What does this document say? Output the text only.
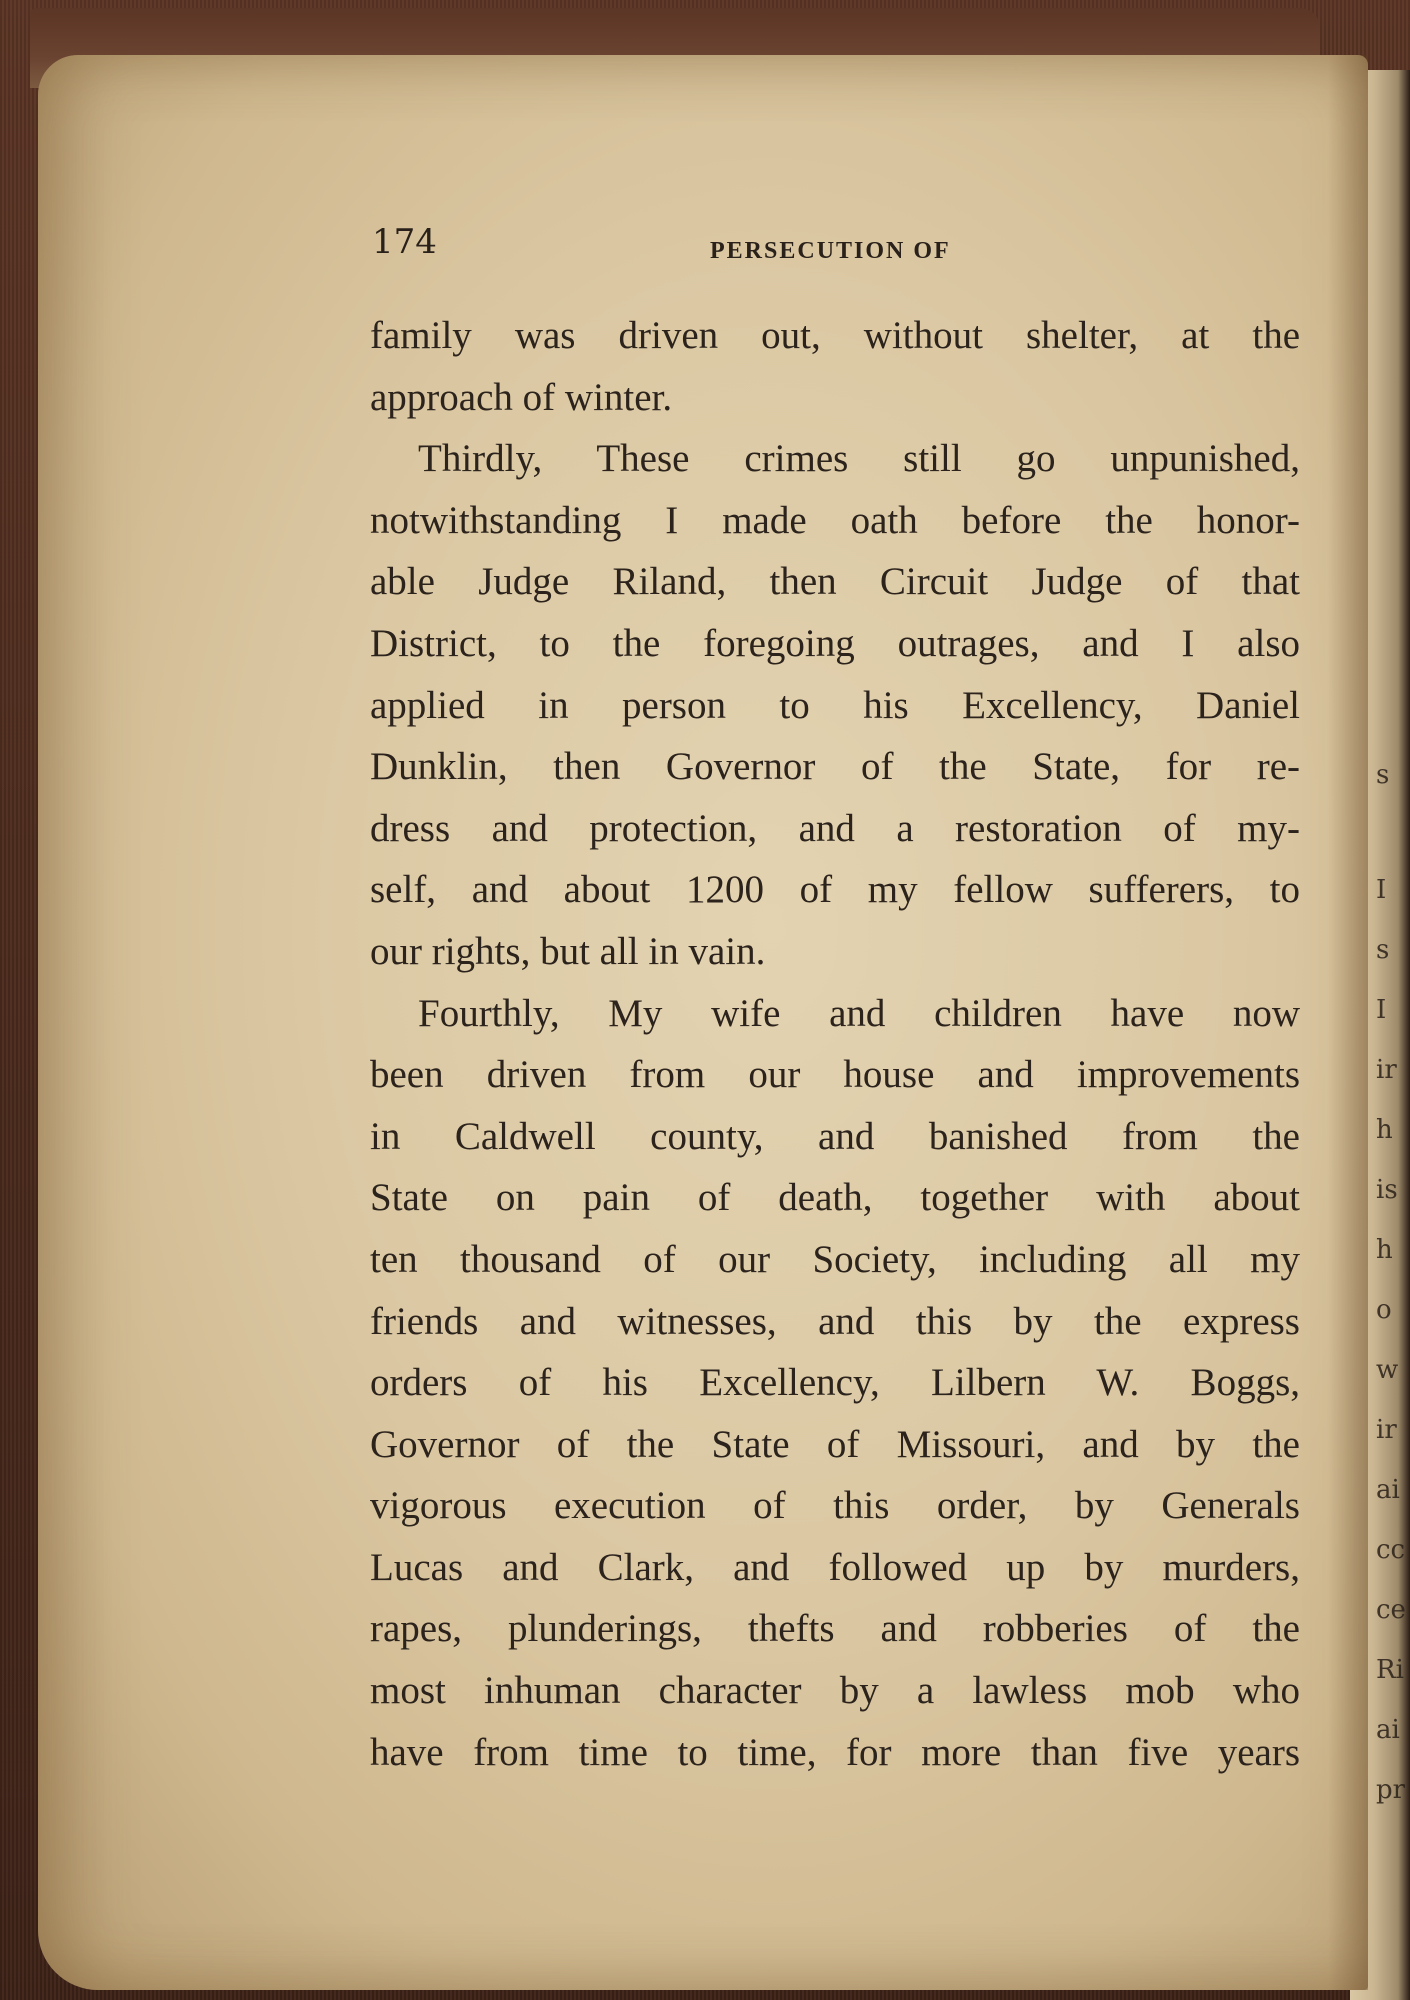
s
I
s
I
ir
h
is
h
o
w
ir
ai
cc
ce
Ri
ai
pr
174	PERSECUTION OF
family was driven out, without shelter, at the
approach of winter.
Thirdly, These crimes still go unpunished,
notwithstanding I made oath before the honor-
able Judge Riland, then Circuit Judge of that
District, to the foregoing outrages, and I also
applied in person to his Excellency, Daniel
Dunklin, then Governor of the State, for re-
dress and protection, and a restoration of my-
self, and about 1200 of my fellow sufferers, to
our rights, but all in vain.
Fourthly, My wife and children have now
been driven from our house and improvements
in Caldwell county, and banished from the
State on pain of death, together with about
ten thousand of our Society, including all my
friends and witnesses, and this by the express
orders of his Excellency, Lilbern W. Boggs,
Governor of the State of Missouri, and by the
vigorous execution of this order, by Generals
Lucas and Clark, and followed up by murders,
rapes, plunderings, thefts and robberies of the
most inhuman character by a lawless mob who
have from time to time, for more than five years
